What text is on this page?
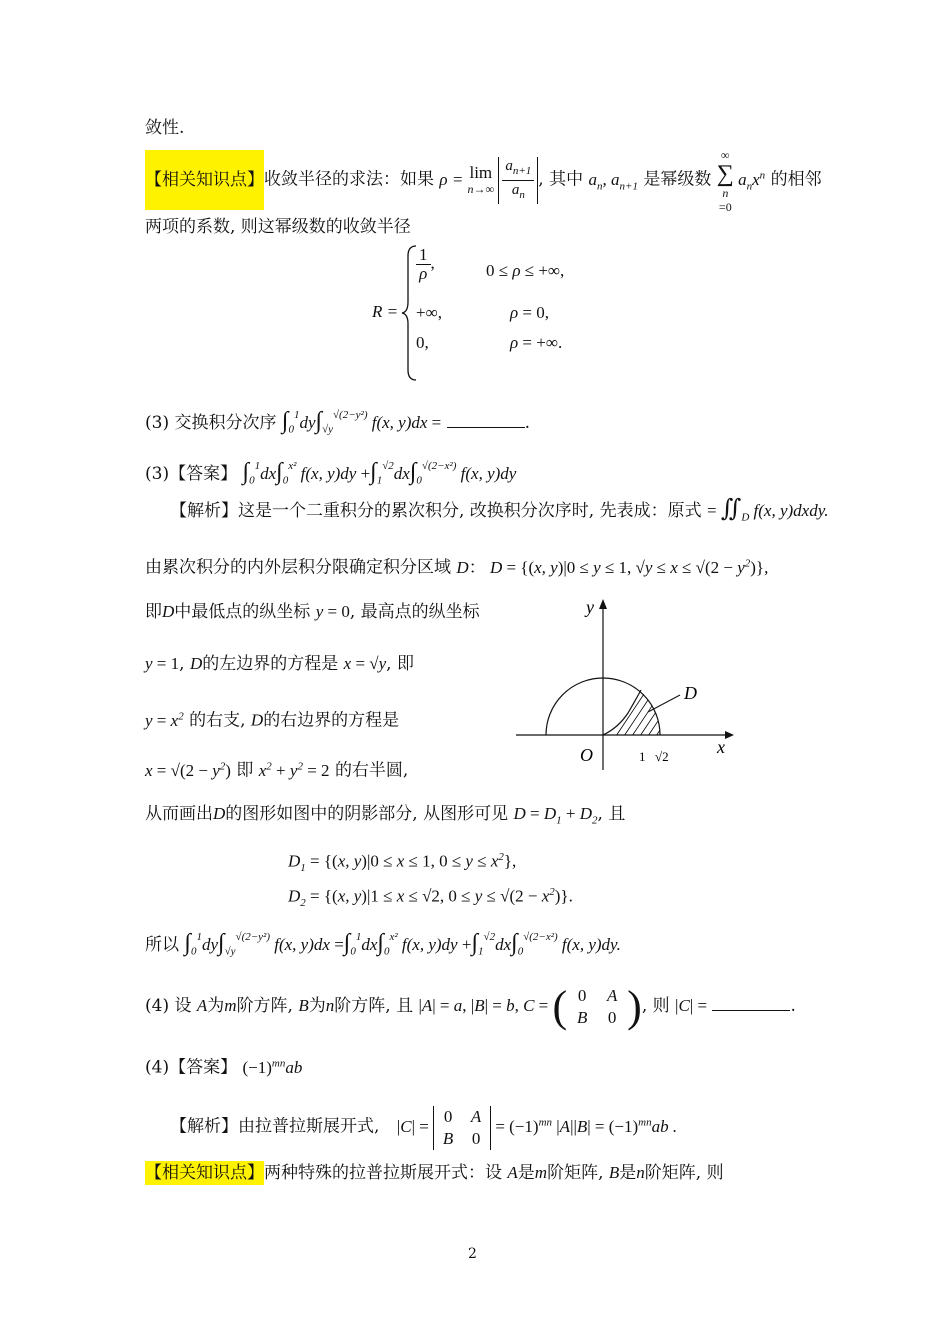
敛性.
【相关知识点】收敛半径的求法：如果 ρ = lim
n→∞
$\frac{a_{n+1}}{a_n}$ , 其中 $a_n$, $a_{n+1}$ 是幂级数 ∞
∑
n
=0 $a_nx^n$ 的相邻
两项的系数, 则这幂级数的收敛半径
R =
$\frac{1}{\rho}$ ,	0 ≤ ρ ≤ +∞,
+∞,	ρ = 0,
0,	ρ = +∞.
(3) 交换积分次序 $\int_0^1dy\int_{√y}^{√(2-y^2)}$ f(x, y)dx =	.
(3)【答案】 $\int_0^1dx\int_0^{x^2}$ f(x, $y)dy +\int_1^{√2}dx\int_0^{√(2-x^2)}$ f(x, y)dy
【解析】这是一个二重积分的累次积分, 改换积分次序时, 先表成：原式 = $∬_D$ f(x, y)dxdy.
由累次积分的内外层积分限确定积分区域 D： D = {(x, y)|0 ≤ y ≤ 1, $√y \le x \le √(2 - y^2)$},
即D中最低点的纵坐标 y = 0, 最高点的纵坐标
y = 1, D的左边界的方程是 x = √y, 即
$y = x^2$ 的右支, D的右边界的方程是
$x = √(2 - y^2)$ 即 $x^2 + y^2 = 2$ 的右半圆,
D
y
x
O	1 √2
从而画出D的图形如图中的阴影部分, 从图形可见 $D = D_1 + D_2$, 且
$D_1 = \{(x$, y)|0 ≤ x ≤ 1, $0 \le y \le x^2$},
$D_2 = \{(x$, y)|1 ≤ x ≤ √2, $0 \le y \le √(2 - x^2)$}.
所以 $\int_0^1dy\int_{√y}^{√(2-y^2)}$ f(x, $y)dx =\int_0^1dx\int_0^{x^2}$ f(x, $y)dy +\int_1^{√2}dx\int_0^{√(2-x^2)}$ f(x, y)dy.
(4) 设 A为m阶方阵, B为n阶方阵, 且 |A| = a, |B| = b, C = ( 0	A
B	0 ) , 则 |C| =	.
(4)【答案】 $(-1)^{mn}ab$
【解析】由拉普拉斯展开式, |C| =
0	A
B	0
= $(-1)^{mn}$ $|A||B| = (-1)^{mn}ab$ .
【相关知识点】两种特殊的拉普拉斯展开式：设 A是m阶矩阵, B是n阶矩阵, 则
2
